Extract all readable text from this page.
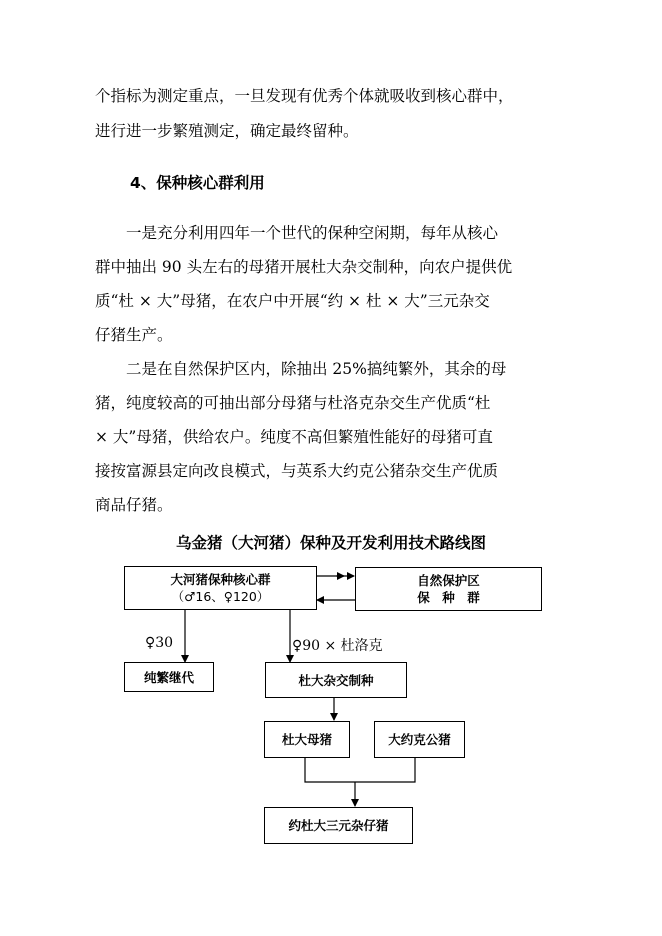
个指标为测定重点，一旦发现有优秀个体就吸收到核心群中，
进行进一步繁殖测定，确定最终留种。
4、保种核心群利用
　　一是充分利用四年一个世代的保种空闲期，每年从核心
群中抽出 90 头左右的母猪开展杜大杂交制种，向农户提供优
质“杜 × 大”母猪，在农户中开展“约 × 杜 × 大”三元杂交
仔猪生产。
　　二是在自然保护区内，除抽出 25%搞纯繁外，其余的母
猪，纯度较高的可抽出部分母猪与杜洛克杂交生产优质“杜
× 大”母猪，供给农户。纯度不高但繁殖性能好的母猪可直
接按富源县定向改良模式，与英系大约克公猪杂交生产优质
商品仔猪。
乌金猪（大河猪）保种及开发利用技术路线图
大河猪保种核心群
（♂16、♀120）
自然保护区
保　种　群
♀30	♀90 × 杜洛克
纯繁继代	杜大杂交制种
杜大母猪	大约克公猪
约杜大三元杂仔猪
